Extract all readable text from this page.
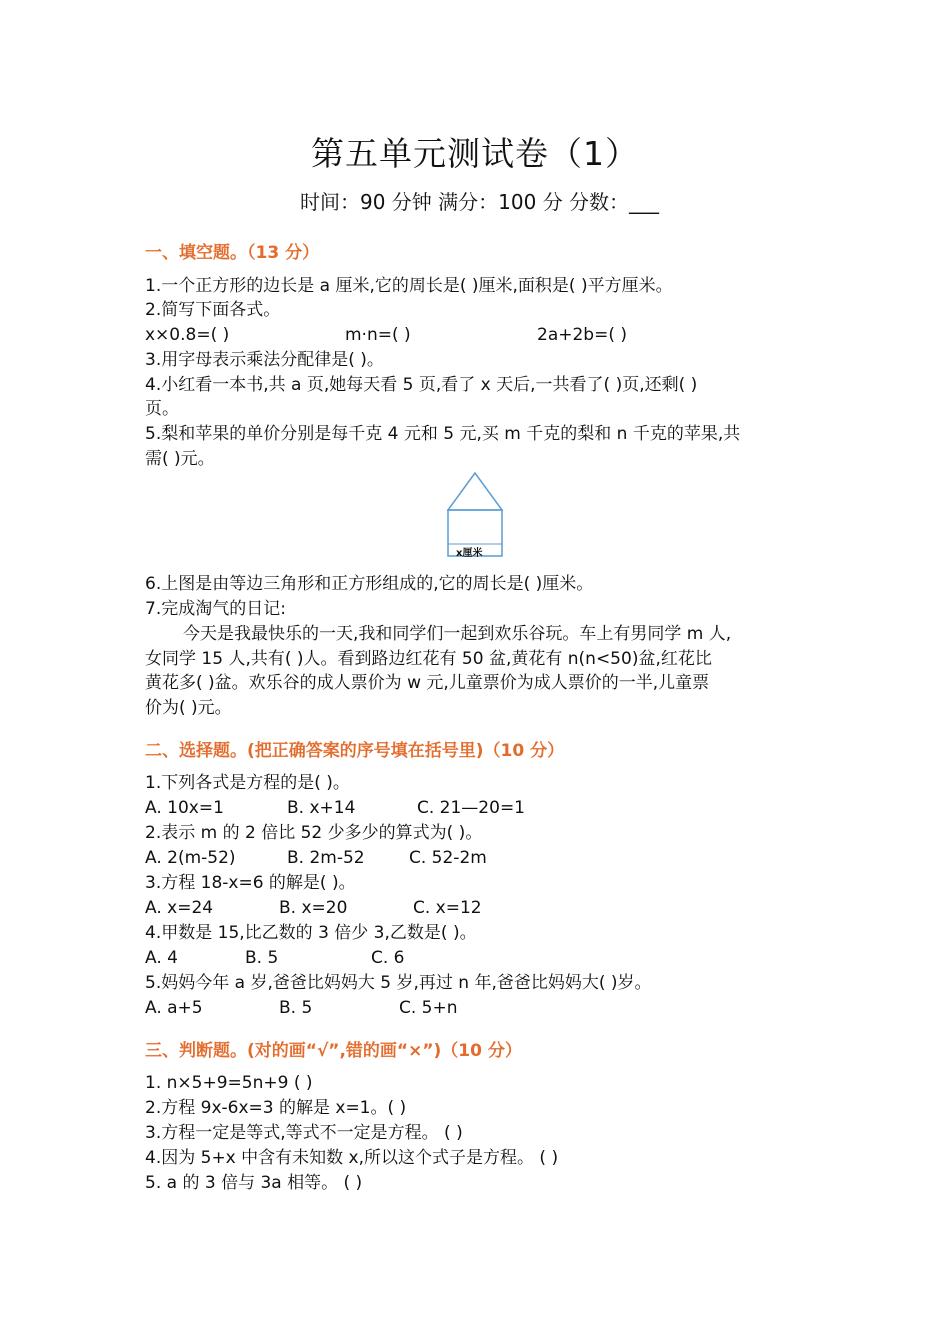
第五单元测试卷（1）
时间：90 分钟 满分：100 分 分数：___
一、填空题。（13 分）
1.一个正方形的边长是 a 厘米,它的周长是( )厘米,面积是( )平方厘米。
2.简写下面各式。
x×0.8=( )	m·n=( )	2a+2b=( )
3.用字母表示乘法分配律是( )。
4.小红看一本书,共 a 页,她每天看 5 页,看了 x 天后,一共看了( )页,还剩( )
页。
5.梨和苹果的单价分别是每千克 4 元和 5 元,买 m 千克的梨和 n 千克的苹果,共
需( )元。
x厘米
6.上图是由等边三角形和正方形组成的,它的周长是( )厘米。
7.完成淘气的日记:
今天是我最快乐的一天,我和同学们一起到欢乐谷玩。车上有男同学 m 人,
女同学 15 人,共有( )人。看到路边红花有 50 盆,黄花有 n(n<50)盆,红花比
黄花多( )盆。欢乐谷的成人票价为 w 元,儿童票价为成人票价的一半,儿童票
价为( )元。
二、选择题。(把正确答案的序号填在括号里)（10 分）
1.下列各式是方程的是( )。
A. 10x=1	B. x+14	C. 21—20=1
2.表示 m 的 2 倍比 52 少多少的算式为( )。
A. 2(m-52)	B. 2m-52	C. 52-2m
3.方程 18-x=6 的解是( )。
A. x=24	B. x=20	C. x=12
4.甲数是 15,比乙数的 3 倍少 3,乙数是( )。
A. 4	B. 5	C. 6
5.妈妈今年 a 岁,爸爸比妈妈大 5 岁,再过 n 年,爸爸比妈妈大( )岁。
A. a+5	B. 5	C. 5+n
三、判断题。(对的画“√”,错的画“×”)（10 分）
1. n×5+9=5n+9 ( )
2.方程 9x-6x=3 的解是 x=1。( )
3.方程一定是等式,等式不一定是方程。 ( )
4.因为 5+x 中含有未知数 x,所以这个式子是方程。 ( )
5. a 的 3 倍与 3a 相等。 ( )
